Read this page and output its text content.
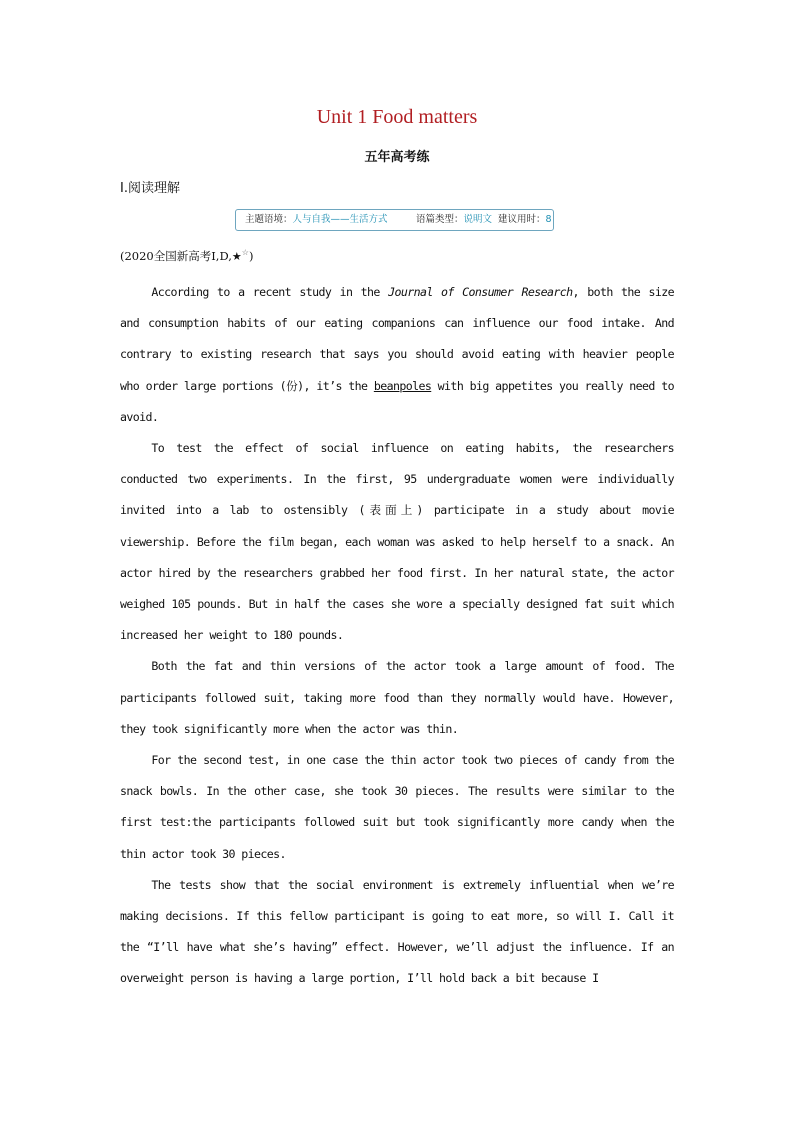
Unit 1 Food matters
五年高考练
Ⅰ.阅读理解
主题语境：人与自我——生活方式	语篇类型：说明文 建议用时：8
(2020全国新高考Ⅰ,D,★☆)

According to a recent study in the Journal of Consumer Research, both the size and consumption habits of our eating companions can influence our food intake. And contrary to existing research that says you should avoid eating with heavier people who order large portions (份), it’s the beanpoles with big appetites you really need to avoid.

To test the effect of social influence on eating habits, the researchers conducted two experiments. In the first, 95 undergraduate women were individually invited into a lab to ostensibly (表面上) participate in a study about movie viewership. Before the film began, each woman was asked to help herself to a snack. An actor hired by the researchers grabbed her food first. In her natural state, the actor weighed 105 pounds. But in half the cases she wore a specially designed fat suit which increased her weight to 180 pounds.

Both the fat and thin versions of the actor took a large amount of food. The participants followed suit, taking more food than they normally would have. However, they took significantly more when the actor was thin.

For the second test, in one case the thin actor took two pieces of candy from the snack bowls. In the other case, she took 30 pieces. The results were similar to the first test:the participants followed suit but took significantly more candy when the thin actor took 30 pieces.

The tests show that the social environment is extremely influential when we’re making decisions. If this fellow participant is going to eat more, so will I. Call it the “I’ll have what she’s having” effect. However, we’ll adjust the influence. If an overweight person is having a large portion, I’ll hold back a bit because I
